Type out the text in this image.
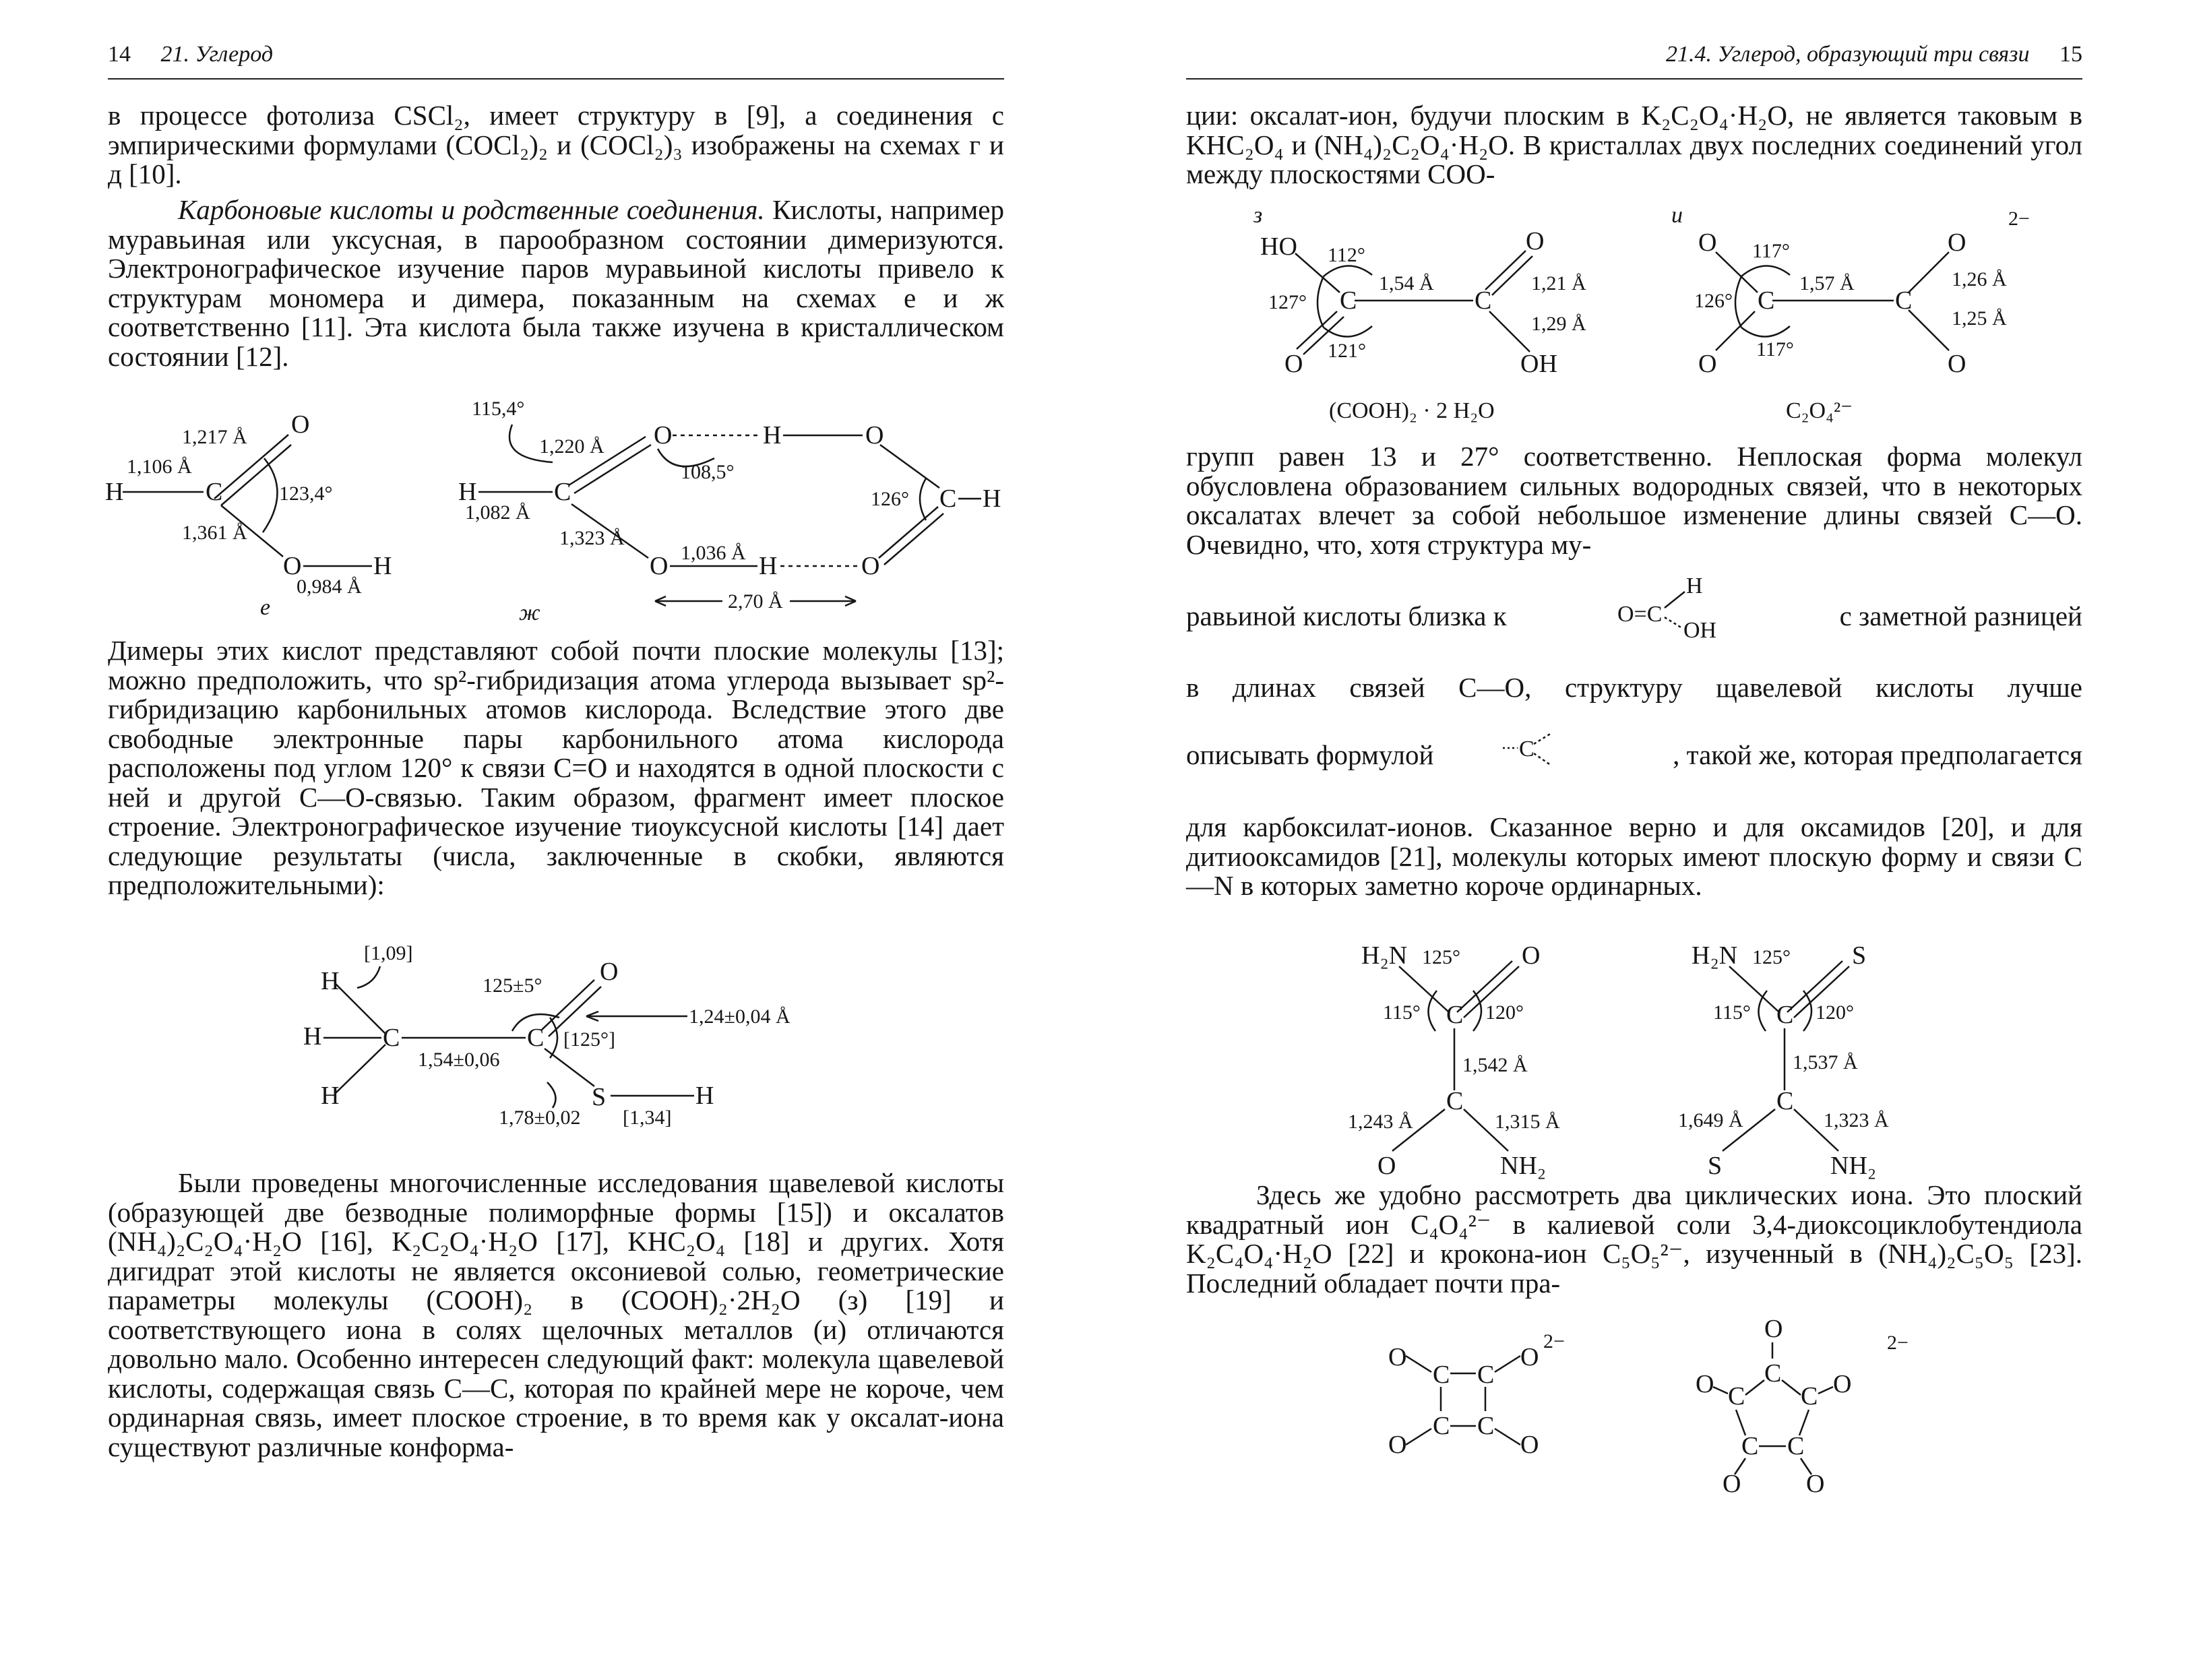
14 21. Углерод

в процессе фотолиза CSCl₂, имеет структуру в [9], а соединения с эмпирическими формулами (COCl₂)₂ и (COCl₂)₃ изображены на схемах г и д [10].

Карбоновые кислоты и родственные соединения. Кислоты, например муравьиная или уксусная, в парообразном состоянии димеризуются. Электронографическое изучение паров муравьиной кислоты привело к структурам мономера и димера, показанным на схемах е и ж соответственно [11]. Эта кислота была также изучена в кристаллическом состоянии [12].

1,217 Å O
1,106 Å
H	C	123,4°
1,361 Å
O	H
0,984 Å
е
115,4°
1,220 Å O	H	O
108,5°
H	C
1,082 Å
1,323 Å
O 1,036 Å H	O
C H
126°
2,70 Å
ж

Димеры этих кислот представляют собой почти плоские молекулы [13]; можно предположить, что sp²-гибридизация атома углерода вызывает sp²-гибридизацию карбонильных атомов кислорода. Вследствие этого две свободные электронные пары карбонильного атома кислорода расположены под углом 120° к связи C=O и находятся в одной плоскости с ней и другой C—O-связью. Таким образом, фрагмент имеет плоское строение. Электронографическое изучение тиоуксусной кислоты [14] дает следующие результаты (числа, заключенные в скобки, являются предположительными):

[1,09]
H
H C
H
1,54±0,06
125±5°
C
O
1,24±0,04 Å
[125°]
S	H
1,78±0,02 [1,34]

Были проведены многочисленные исследования щавелевой кислоты (образующей две безводные полиморфные формы [15]) и оксалатов (NH₄)₂C₂O₄·H₂O [16], K₂C₂O₄·H₂O [17], KHC₂O₄ [18] и других. Хотя дигидрат этой кислоты не является оксониевой солью, геометрические параметры молекулы (COOH)₂ в (COOH)₂·2H₂O (з) [19] и соответствующего иона в солях щелочных металлов (и) отличаются довольно мало. Особенно интересен следующий факт: молекула щавелевой кислоты, содержащая связь C—C, которая по крайней мере не короче, чем ординарная связь, имеет плоское строение, в то время как у оксалат-иона существуют различные конформа-

21.4. Углерод, образующий три связи 15

ции: оксалат-ион, будучи плоским в K₂C₂O₄·H₂O, не является таковым в KHC₂O₄ и (NH₄)₂C₂O₄·H₂O. В кристаллах двух последних соединений угол между плоскостями COO-

з
HO 112°
127° C
1,54 Å
O 121°
C
O
1,21 Å
1,29 Å
OH
(COOH)₂ · 2 H₂O
и	2−
O 117°
126° C
1,57 Å
O
117°
C
O
1,26 Å
1,25 Å
O
C₂O₄²⁻

групп равен 13 и 27° соответственно. Неплоская форма молекул обусловлена образованием сильных водородных связей, что в некоторых оксалатах влечет за собой небольшое изменение длины связей C—O. Очевидно, что, хотя структура му-

равьиной кислоты близка к	O=C
H
OH	с заметной разницей
в длинах связей C—O, структуру щавелевой кислоты лучше
описывать формулой	C	, такой же, которая предполагается

для карбоксилат-ионов. Сказанное верно и для оксамидов [20], и для дитиооксамидов [21], молекулы которых имеют плоскую форму и связи C—N в которых заметно короче ординарных.

H₂N 125° O
115° C 120°
1,542 Å
C
1,243 Å
O
1,315 Å
NH₂
H₂N 125° S
115° C 120°
1,537 Å
C
1,649 Å
S
1,323 Å
NH₂

Здесь же удобно рассмотреть два циклических иона. Это плоский квадратный ион C₄O₄²⁻ в калиевой соли 3,4-диоксоциклобутендиола K₂C₄O₄·H₂O [22] и крокона-ион C₅O₅²⁻, изученный в (NH₄)₂C₅O₅ [23]. Последний обладает почти пра-

2−
O
C C
O
C C
O	O
2−
O
C
O C C O
C C
O	O
